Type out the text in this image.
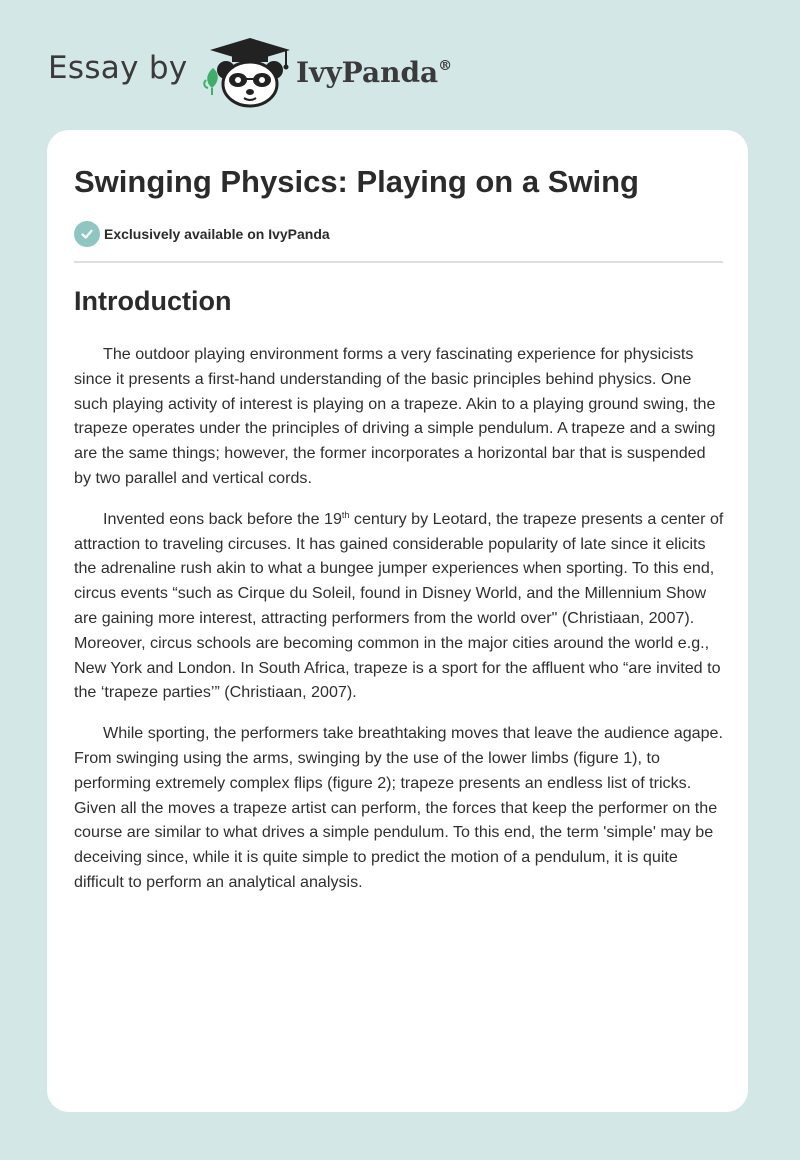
Essay by	IvyPanda®
Swinging Physics: Playing on a Swing
Exclusively available on IvyPanda
Introduction

The outdoor playing environment forms a very fascinating experience for physicists since it presents a first-hand understanding of the basic principles behind physics. One such playing activity of interest is playing on a trapeze. Akin to a playing ground swing, the trapeze operates under the principles of driving a simple pendulum. A trapeze and a swing are the same things; however, the former incorporates a horizontal bar that is suspended by two parallel and vertical cords.

Invented eons back before the 19th century by Leotard, the trapeze presents a center of attraction to traveling circuses. It has gained considerable popularity of late since it elicits the adrenaline rush akin to what a bungee jumper experiences when sporting. To this end, circus events “such as Cirque du Soleil, found in Disney World, and the Millennium Show are gaining more interest, attracting performers from the world over" (Christiaan, 2007). Moreover, circus schools are becoming common in the major cities around the world e.g., New York and London. In South Africa, trapeze is a sport for the affluent who “are invited to the ‘trapeze parties’” (Christiaan, 2007).

While sporting, the performers take breathtaking moves that leave the audience agape. From swinging using the arms, swinging by the use of the lower limbs (figure 1), to performing extremely complex flips (figure 2); trapeze presents an endless list of tricks. Given all the moves a trapeze artist can perform, the forces that keep the performer on the course are similar to what drives a simple pendulum. To this end, the term 'simple' may be deceiving since, while it is quite simple to predict the motion of a pendulum, it is quite difficult to perform an analytical analysis.
